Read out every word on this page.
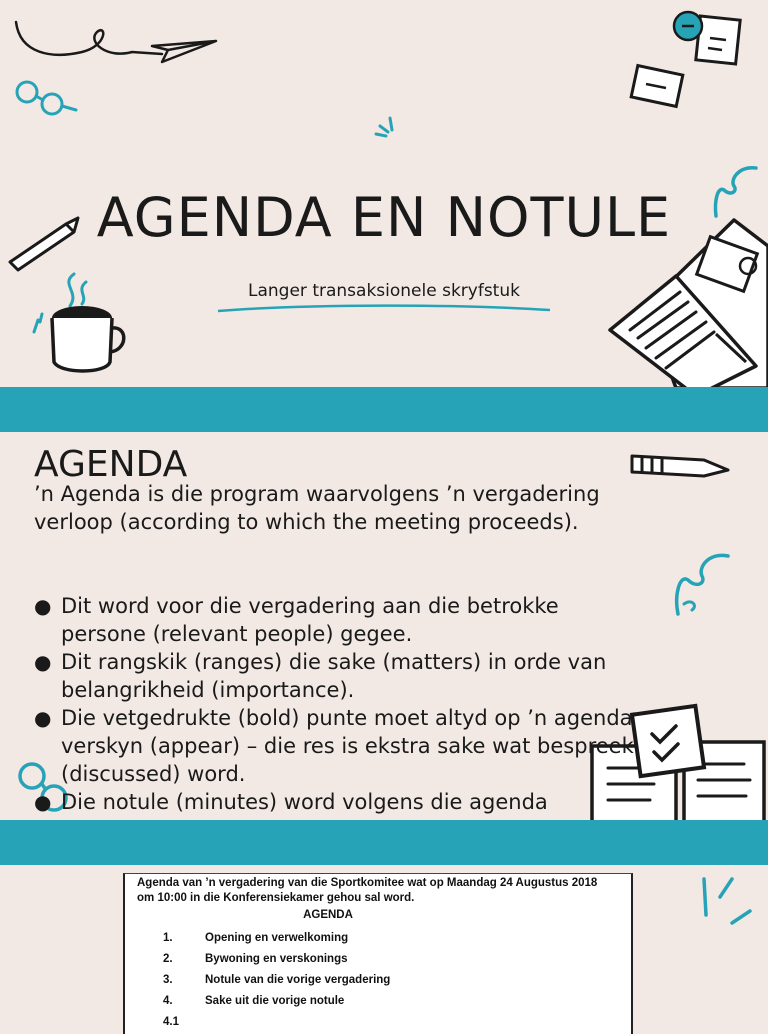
AGENDA EN NOTULE
Langer transaksionele skryfstuk
AGENDA

’n Agenda is die program waarvolgens ’n vergadering verloop (according to which the meeting proceeds).

● Dit word voor die vergadering aan die betrokke persone (relevant people) gegee.
● Dit rangskik (ranges) die sake (matters) in orde van belangrikheid (importance).
● Die vetgedrukte (bold) punte moet altyd op ’n agenda verskyn (appear) – die res is ekstra sake wat bespreek (discussed) word.
● Die notule (minutes) word volgens die agenda
Agenda van ’n vergadering van die Sportkomitee wat op Maandag 24 Augustus 2018 om 10:00 in die Konferensiekamer gehou sal word.
AGENDA
1.	Opening en verwelkoming
2.	Bywoning en verskonings
3.	Notule van die vorige vergadering
4.	Sake uit die vorige notule
4.1
